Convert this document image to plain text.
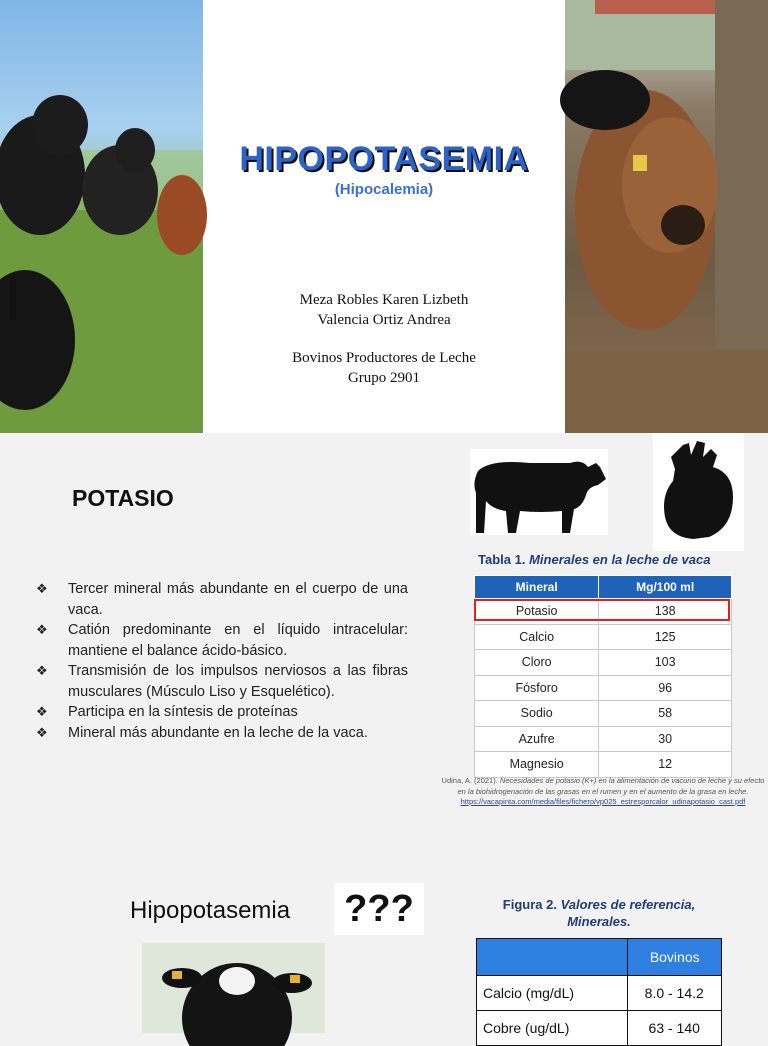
HIPOPOTASEMIA
(Hipocalemia)
Meza Robles Karen Lizbeth
Valencia Ortiz Andrea
Bovinos Productores de Leche
Grupo 2901
POTASIO
❖ Tercer mineral más abundante en el cuerpo de una vaca.
❖ Catión predominante en el líquido intracelular: mantiene el balance ácido-básico.
❖ Transmisión de los impulsos nerviosos a las fibras musculares (Músculo Liso y Esquelético).
❖ Participa en la síntesis de proteínas
❖ Mineral más abundante en la leche de la vaca.
Tabla 1. Minerales en la leche de vaca
Mineral	Mg/100 ml
Potasio	138
Calcio	125
Cloro	103
Fósforo	96
Sodio	58
Azufre	30
Magnesio	12
Udina, A. (2021). Necesidades de potasio (K+) en la alimentación de vacuno de leche y su efecto en la biohidrogenación de las grasas en el rumen y en el aumento de la grasa en leche.
https://vacapinta.com/media/files/fichero/vp025_estresporcalor_udinapotasio_cast.pdf
Hipopotasemia ???	Figura 2. Valores de referencia, Minerales.
	Bovinos
Calcio (mg/dL)	8.0 - 14.2
Cobre (ug/dL)	63 - 140
